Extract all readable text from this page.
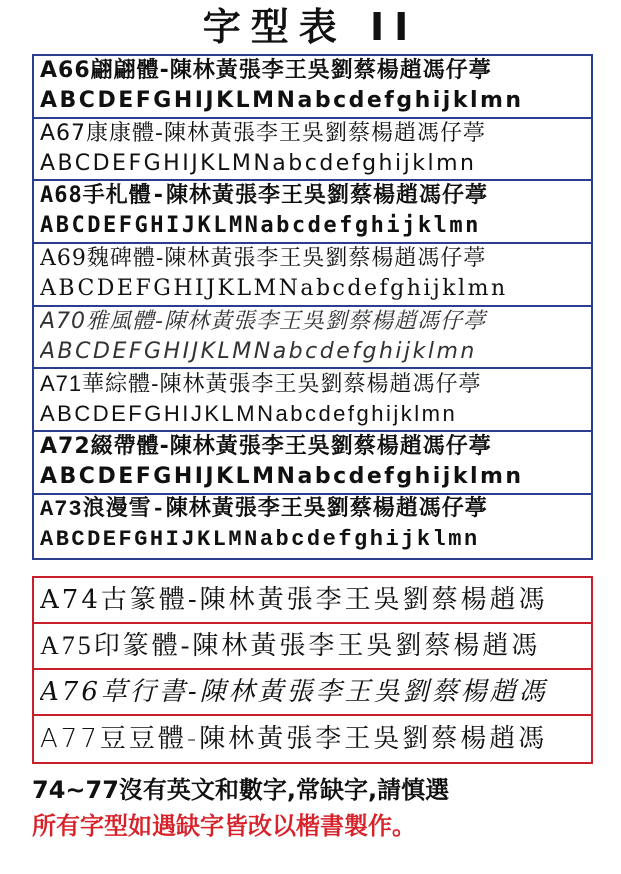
字型表 II
A66翩翩體-陳林黃張李王吳劉蔡楊趙馮仔葶
ABCDEFGHIJKLMNabcdefghijklmn
A67康康體-陳林黃張李王吳劉蔡楊趙馮仔葶
ABCDEFGHIJKLMNabcdefghijklmn
A68手札體-陳林黃張李王吳劉蔡楊趙馮仔葶
ABCDEFGHIJKLMNabcdefghijklmn
A69魏碑體-陳林黃張李王吳劉蔡楊趙馮仔葶
ABCDEFGHIJKLMNabcdefghijklmn
A70雅風體-陳林黃張李王吳劉蔡楊趙馮仔葶
ABCDEFGHIJKLMNabcdefghijklmn
A71華綜體-陳林黃張李王吳劉蔡楊趙馮仔葶
ABCDEFGHIJKLMNabcdefghijklmn
A72綴帶體-陳林黃張李王吳劉蔡楊趙馮仔葶
ABCDEFGHIJKLMNabcdefghijklmn
A73浪漫雪-陳林黃張李王吳劉蔡楊趙馮仔葶
ABCDEFGHIJKLMNabcdefghijklmn
A74古篆體-陳林黃張李王吳劉蔡楊趙馮
A75印篆體-陳林黃張李王吳劉蔡楊趙馮
A76草行書-陳林黃張李王吳劉蔡楊趙馮
A77豆豆體-陳林黃張李王吳劉蔡楊趙馮
74~77沒有英文和數字,常缺字,請慎選
所有字型如遇缺字皆改以楷書製作。
